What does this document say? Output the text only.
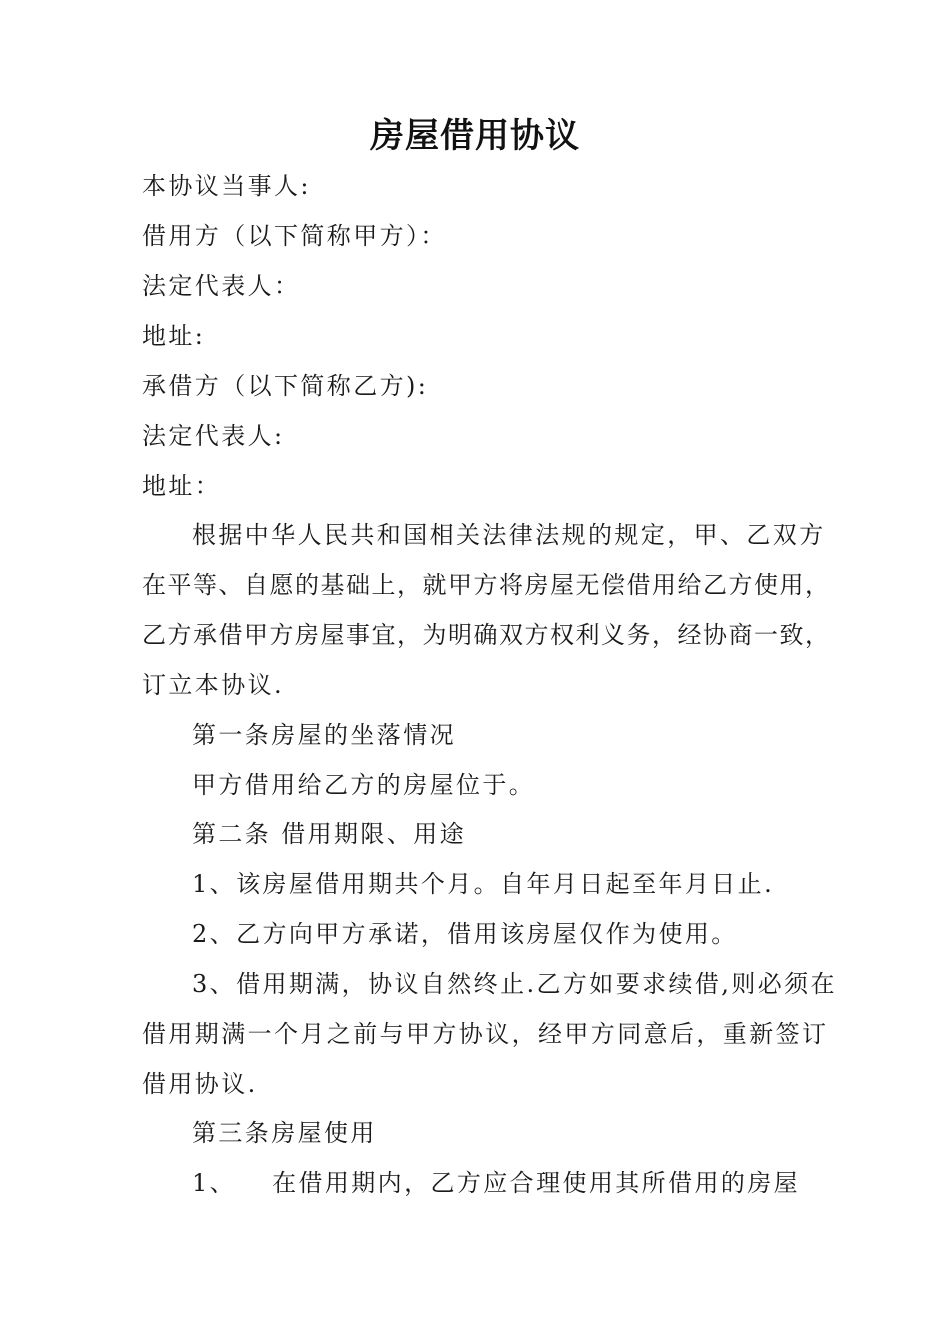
房屋借用协议
本协议当事人:
借用方（以下简称甲方）：
法定代表人：
地址:
承借方（以下简称乙方):
法定代表人:
地址：
根据中华人民共和国相关法律法规的规定，甲、乙双方
在平等、自愿的基础上，就甲方将房屋无偿借用给乙方使用，
乙方承借甲方房屋事宜，为明确双方权利义务，经协商一致，
订立本协议.
第一条房屋的坐落情况
甲方借用给乙方的房屋位于。
第二条 借用期限、用途
1、该房屋借用期共个月。自年月日起至年月日止.
2、乙方向甲方承诺，借用该房屋仅作为使用。
3、借用期满，协议自然终止.乙方如要求续借,则必须在
借用期满一个月之前与甲方协议，经甲方同意后，重新签订
借用协议.
第三条房屋使用
1、 在借用期内，乙方应合理使用其所借用的房屋
